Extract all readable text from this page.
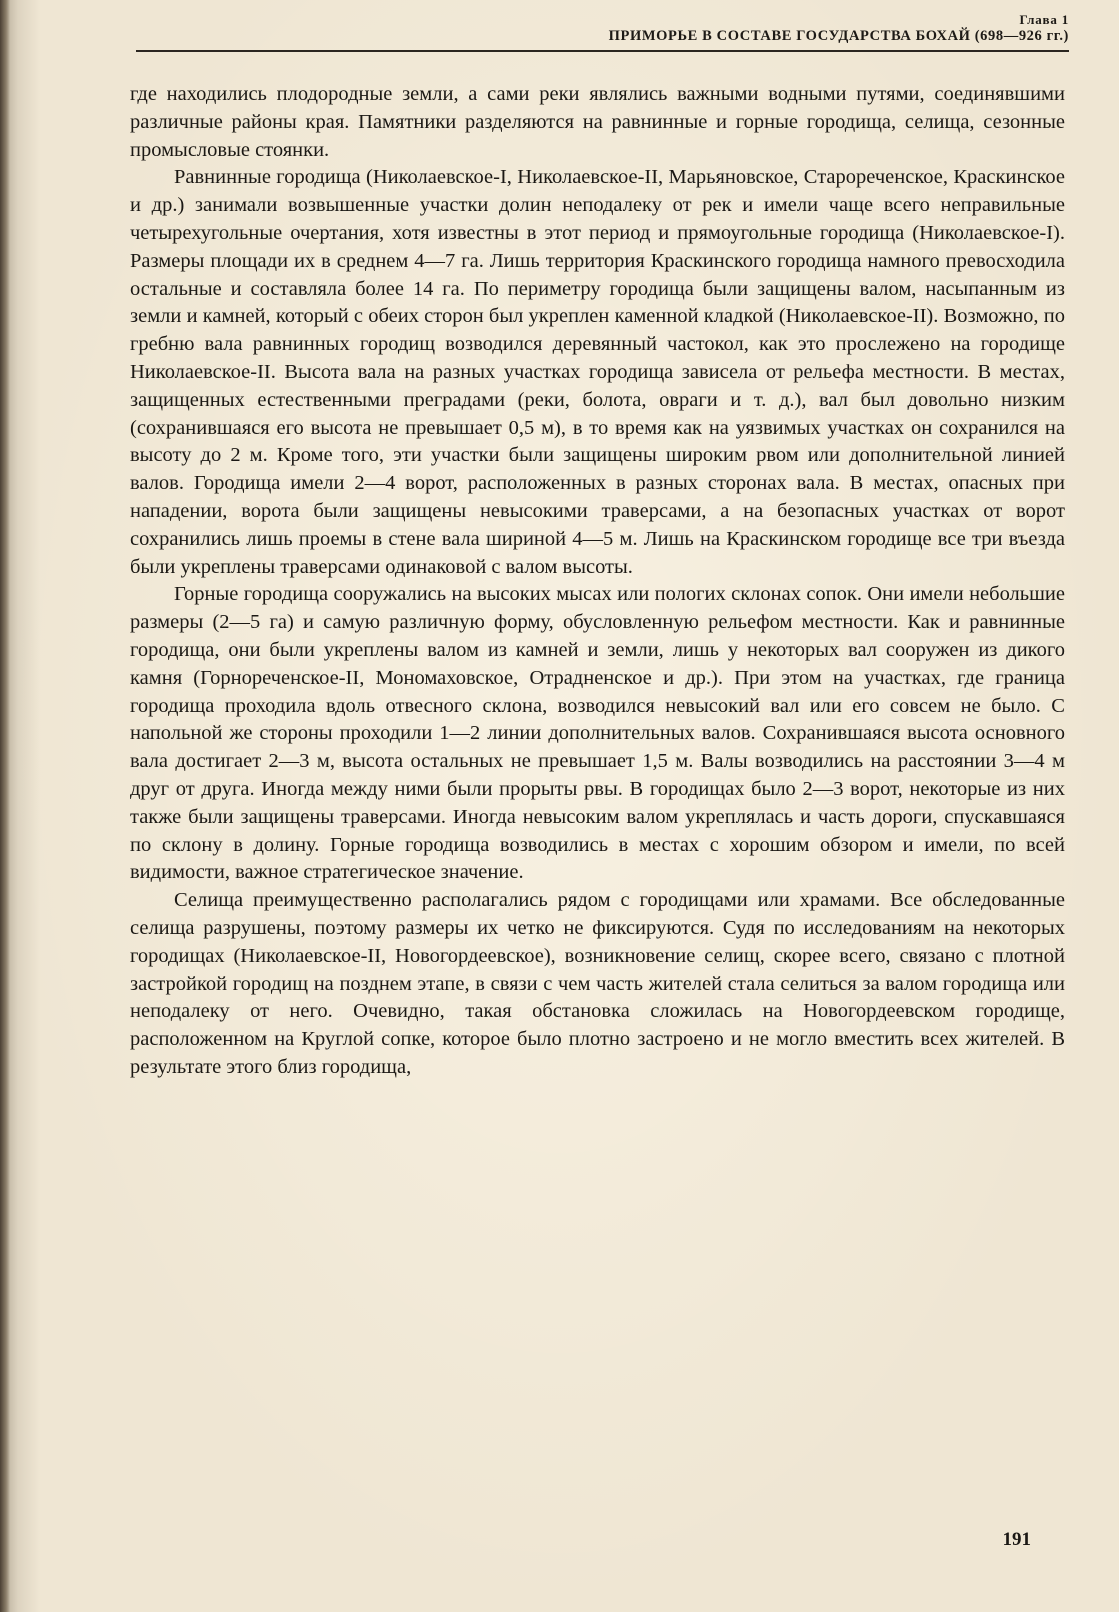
Глава 1
ПРИМОРЬЕ В СОСТАВЕ ГОСУДАРСТВА БОХАЙ (698—926 гг.)

где находились плодородные земли, а сами реки являлись важными водными путями, соединявшими различные районы края. Памятники разделяются на равнинные и горные городища, селища, сезонные промысловые стоянки.

Равнинные городища (Николаевское-I, Николаевское-II, Марьяновское, Старореченское, Краскинское и др.) занимали возвышенные участки долин неподалеку от рек и имели чаще всего неправильные четырехугольные очертания, хотя известны в этот период и прямоугольные городища (Николаевское-I). Размеры площади их в среднем 4—7 га. Лишь территория Краскинского городища намного превосходила остальные и составляла более 14 га. По периметру городища были защищены валом, насыпанным из земли и камней, который с обеих сторон был укреплен каменной кладкой (Николаевское-II). Возможно, по гребню вала равнинных городищ возводился деревянный частокол, как это прослежено на городище Николаевское-II. Высота вала на разных участках городища зависела от рельефа местности. В местах, защищенных естественными преградами (реки, болота, овраги и т. д.), вал был довольно низким (сохранившаяся его высота не превышает 0,5 м), в то время как на уязвимых участках он сохранился на высоту до 2 м. Кроме того, эти участки были защищены широким рвом или дополнительной линией валов. Городища имели 2—4 ворот, расположенных в разных сторонах вала. В местах, опасных при нападении, ворота были защищены невысокими траверсами, а на безопасных участках от ворот сохранились лишь проемы в стене вала шириной 4—5 м. Лишь на Краскинском городище все три въезда были укреплены траверсами одинаковой с валом высоты.

Горные городища сооружались на высоких мысах или пологих склонах сопок. Они имели небольшие размеры (2—5 га) и самую различную форму, обусловленную рельефом местности. Как и равнинные городища, они были укреплены валом из камней и земли, лишь у некоторых вал сооружен из дикого камня (Горнореченское-II, Мономаховское, Отрадненское и др.). При этом на участках, где граница городища проходила вдоль отвесного склона, возводился невысокий вал или его совсем не было. С напольной же стороны проходили 1—2 линии дополнительных валов. Сохранившаяся высота основного вала достигает 2—3 м, высота остальных не превышает 1,5 м. Валы возводились на расстоянии 3—4 м друг от друга. Иногда между ними были прорыты рвы. В городищах было 2—3 ворот, некоторые из них также были защищены траверсами. Иногда невысоким валом укреплялась и часть дороги, спускавшаяся по склону в долину. Горные городища возводились в местах с хорошим обзором и имели, по всей видимости, важное стратегическое значение.

Селища преимущественно располагались рядом с городищами или храмами. Все обследованные селища разрушены, поэтому размеры их четко не фиксируются. Судя по исследованиям на некоторых городищах (Николаевское-II, Новогордеевское), возникновение селищ, скорее всего, связано с плотной застройкой городищ на позднем этапе, в связи с чем часть жителей стала селиться за валом городища или неподалеку от него. Очевидно, такая обстановка сложилась на Новогордеевском городище, расположенном на Круглой сопке, которое было плотно застроено и не могло вместить всех жителей. В результате этого близ городища,

191
